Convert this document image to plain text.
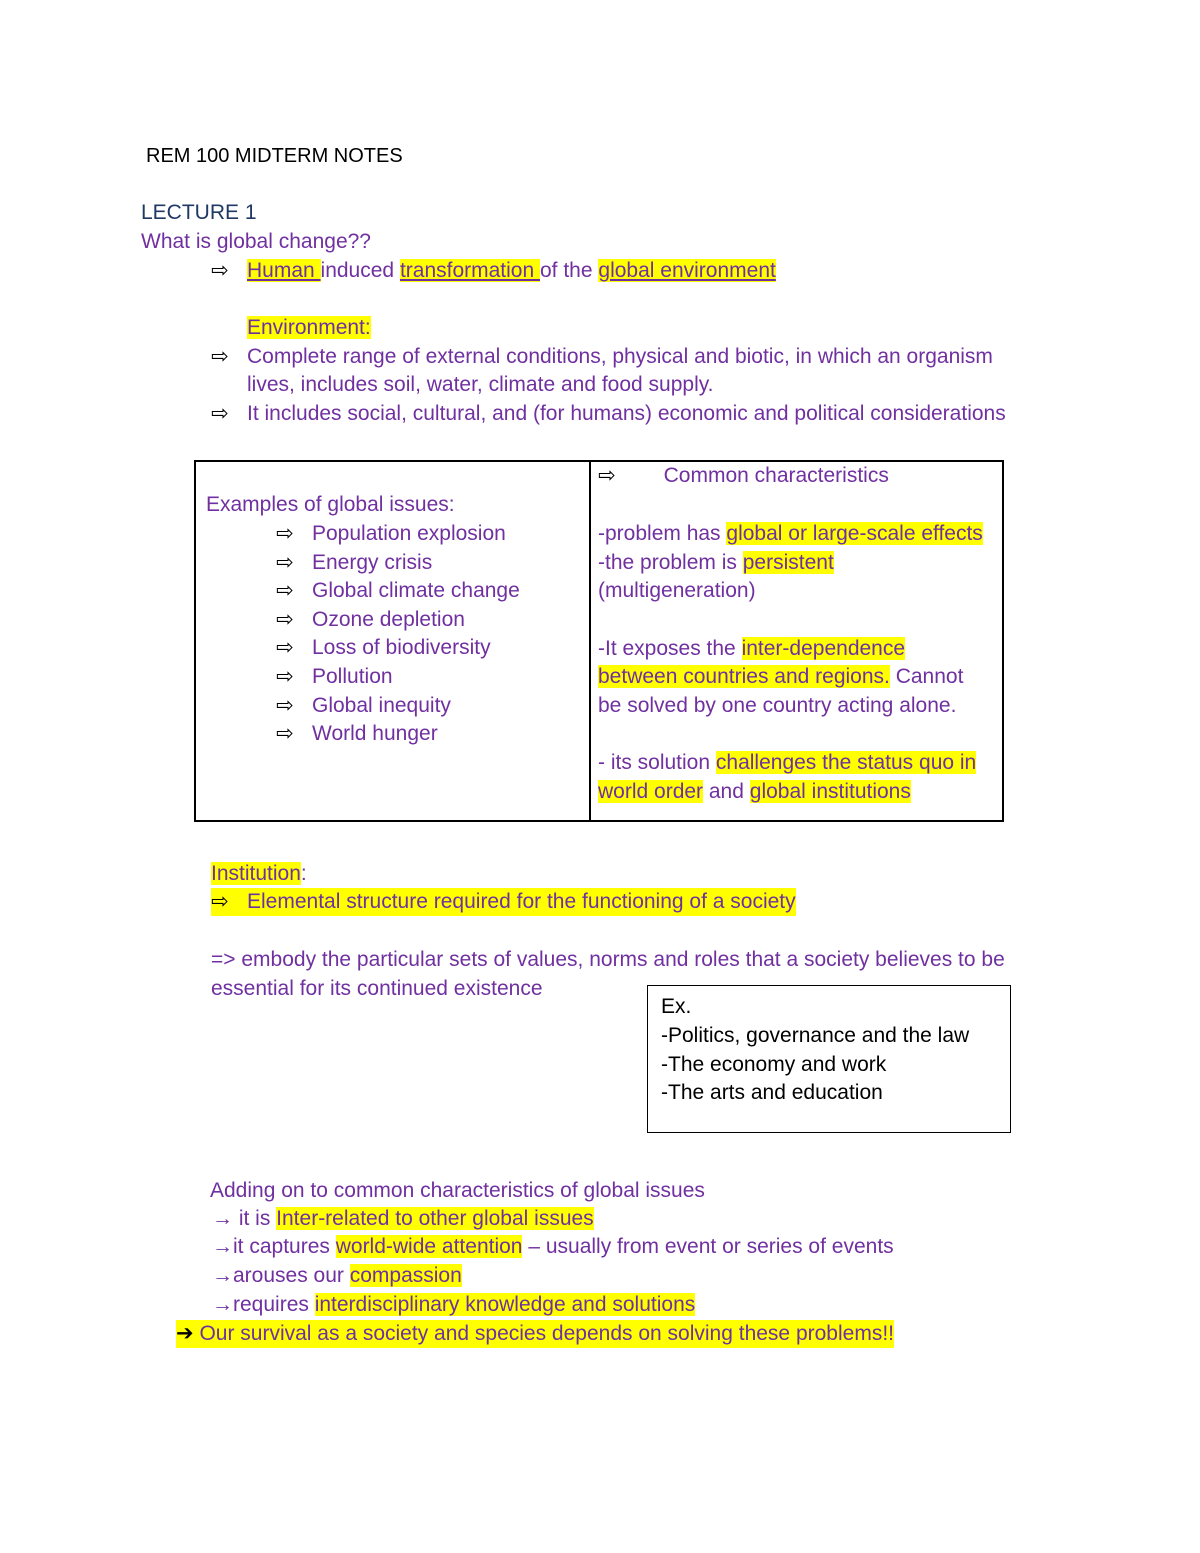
REM 100 MIDTERM NOTES
LECTURE 1
What is global change??
⇨ Human induced transformation of the global environment
Environment:
⇨ Complete range of external conditions, physical and biotic, in which an organism
lives, includes soil, water, climate and food supply.
⇨ It includes social, cultural, and (for humans) economic and political considerations
Examples of global issues:
⇨ Population explosion
⇨ Energy crisis
⇨ Global climate change
⇨ Ozone depletion
⇨ Loss of biodiversity
⇨ Pollution
⇨ Global inequity
⇨ World hunger
⇨ Common characteristics
-problem has global or large-scale effects
-the problem is persistent
(multigeneration)
-It exposes the inter-dependence
between countries and regions. Cannot
be solved by one country acting alone.
- its solution challenges the status quo in
world order and global institutions
Institution:
⇨ Elemental structure required for the functioning of a society
=> embody the particular sets of values, norms and roles that a society believes to be
essential for its continued existence
Ex.
-Politics, governance and the law
-The economy and work
-The arts and education
Adding on to common characteristics of global issues
→ it is Inter-related to other global issues
→it captures world-wide attention – usually from event or series of events
→arouses our compassion
→requires interdisciplinary knowledge and solutions
➔ Our survival as a society and species depends on solving these problems!!
